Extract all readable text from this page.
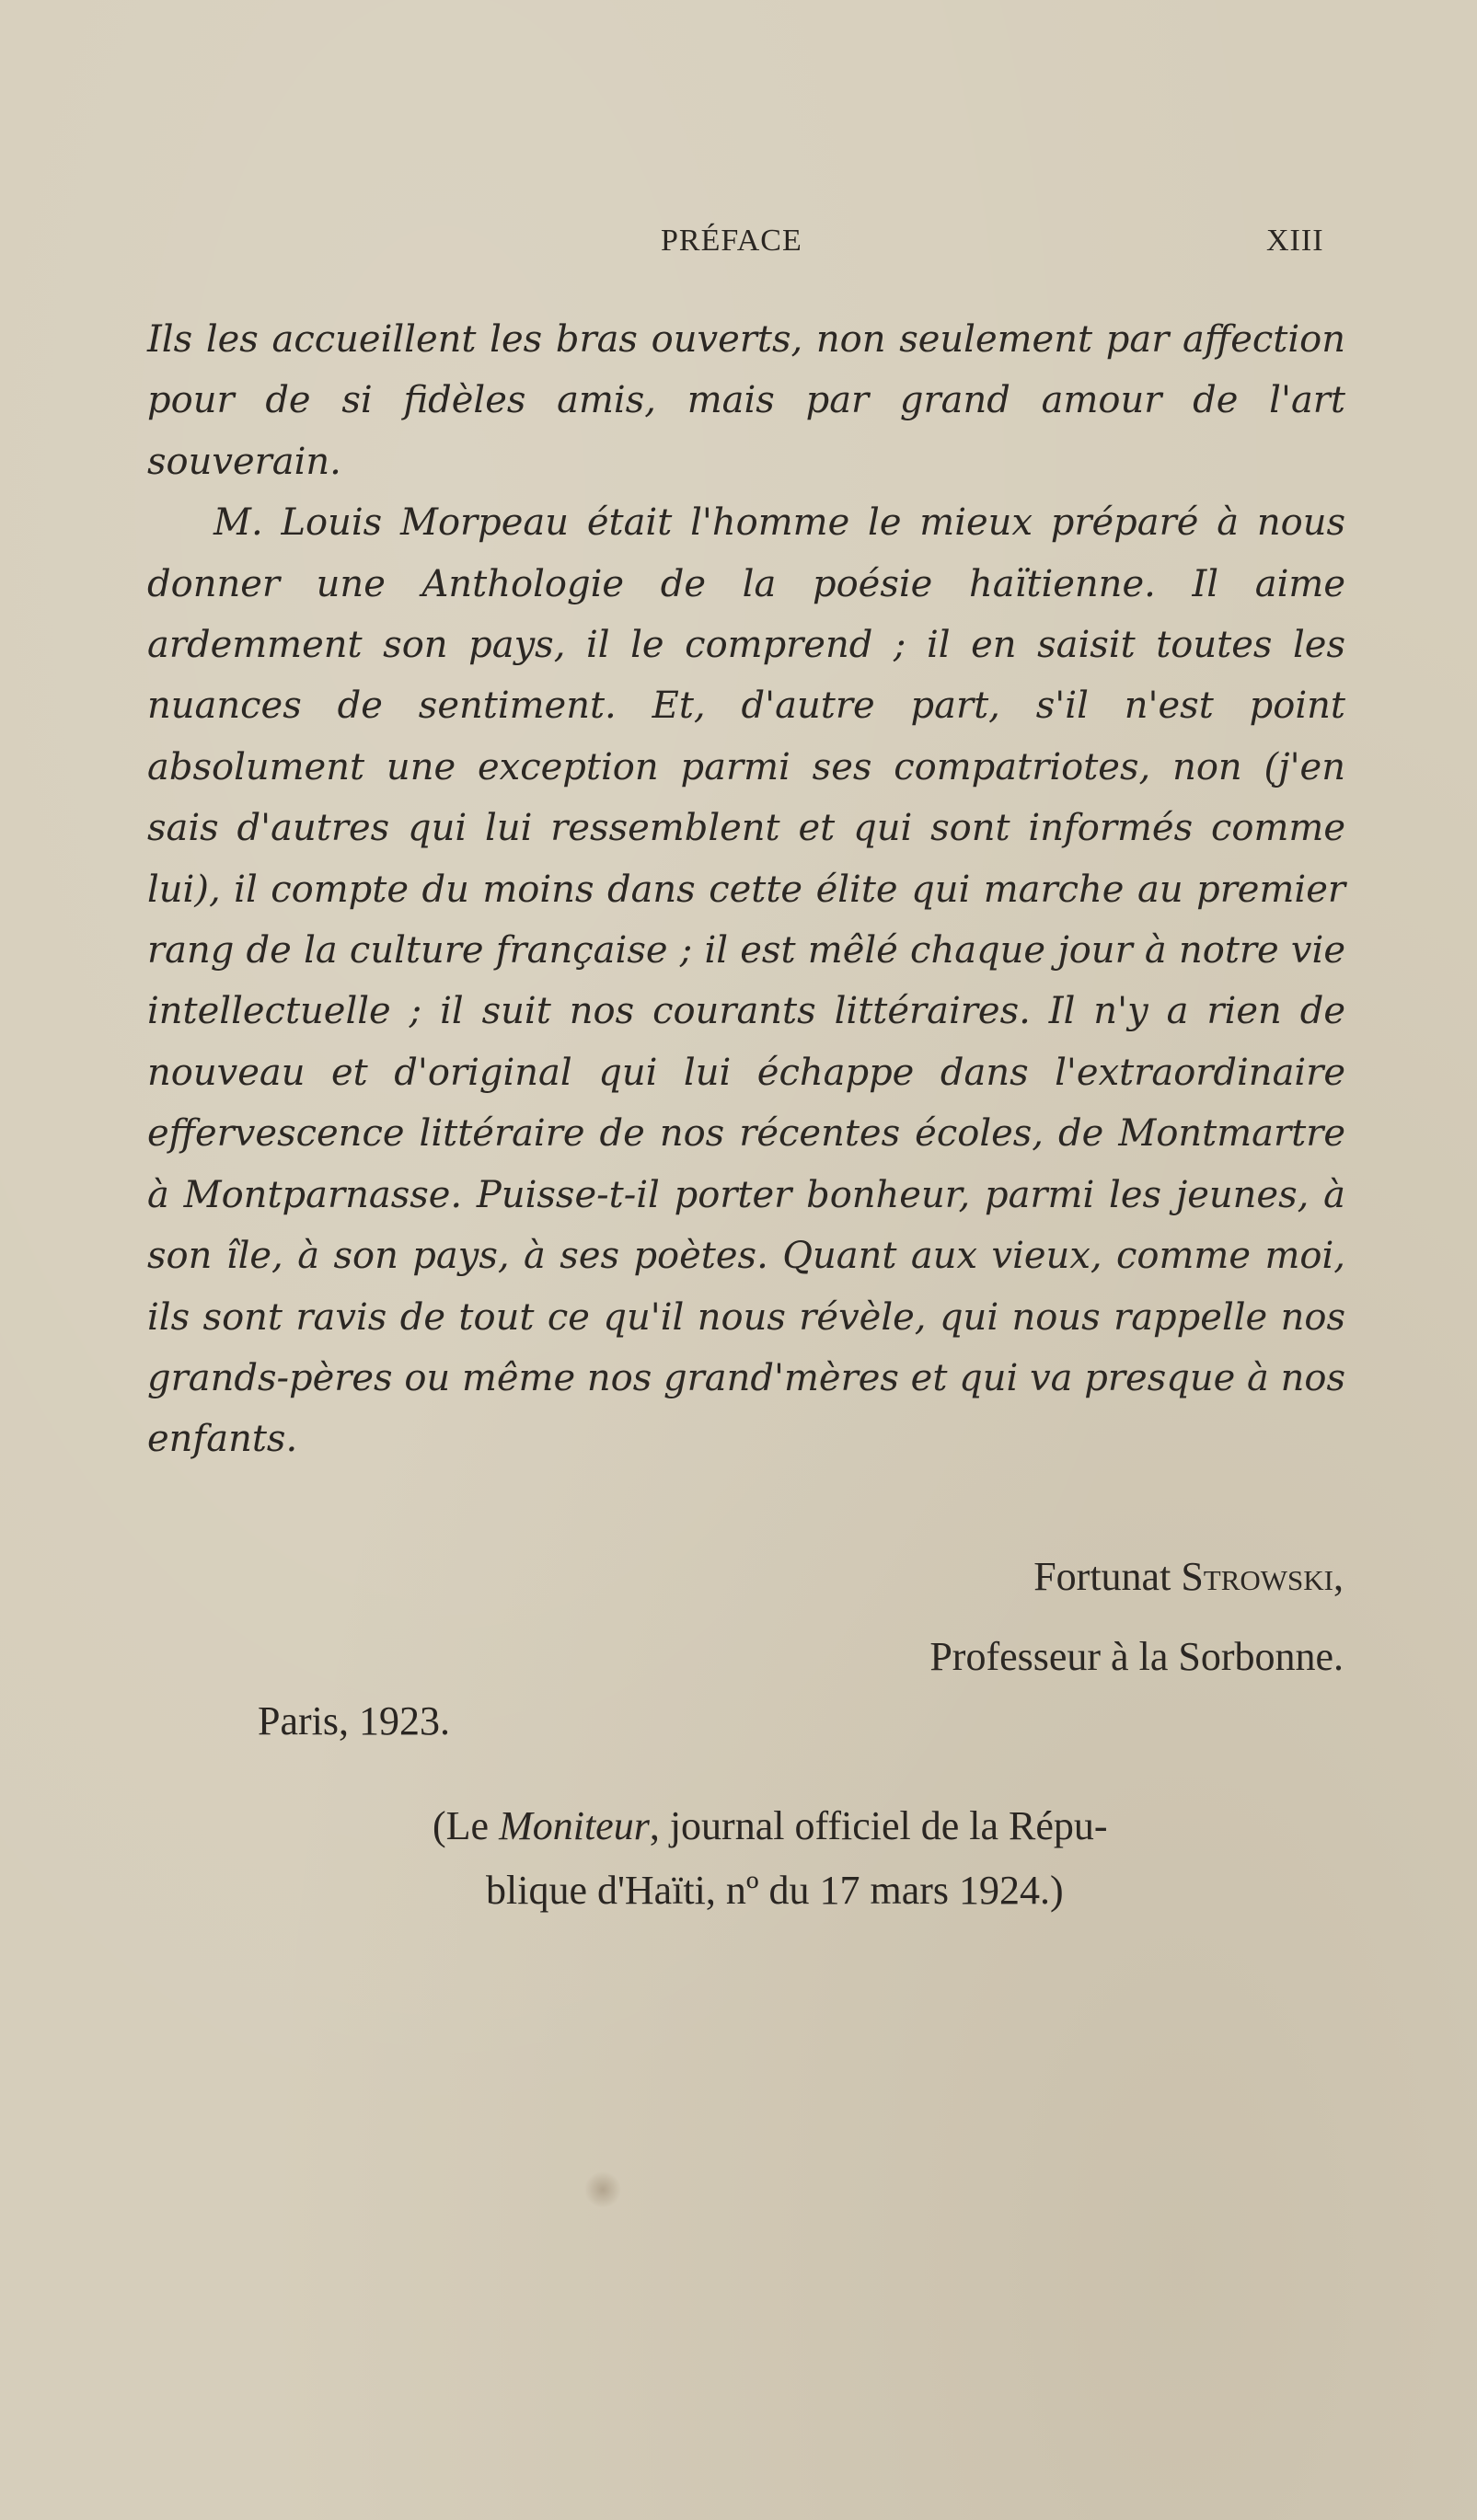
PRÉFACE	XIII

Ils les accueillent les bras ouverts, non seulement par affection pour de si fidèles amis, mais par grand amour de l'art souverain.

M. Louis Morpeau était l'homme le mieux préparé à nous donner une Anthologie de la poésie haïtienne. Il aime ardemment son pays, il le comprend ; il en saisit toutes les nuances de sentiment. Et, d'autre part, s'il n'est point absolument une exception parmi ses compatriotes, non (j'en sais d'autres qui lui ressemblent et qui sont informés comme lui), il compte du moins dans cette élite qui marche au premier rang de la culture française ; il est mêlé chaque jour à notre vie intellectuelle ; il suit nos courants littéraires. Il n'y a rien de nouveau et d'original qui lui échappe dans l'extraordinaire effervescence littéraire de nos récentes écoles, de Montmartre à Montparnasse. Puisse-t-il porter bonheur, parmi les jeunes, à son île, à son pays, à ses poètes. Quant aux vieux, comme moi, ils sont ravis de tout ce qu'il nous révèle, qui nous rappelle nos grands-pères ou même nos grand'mères et qui va presque à nos enfants.

Fortunat Strowski,
Professeur à la Sorbonne.
Paris, 1923.
(Le Moniteur, journal officiel de la Répu-
blique d'Haïti, nº du 17 mars 1924.)
